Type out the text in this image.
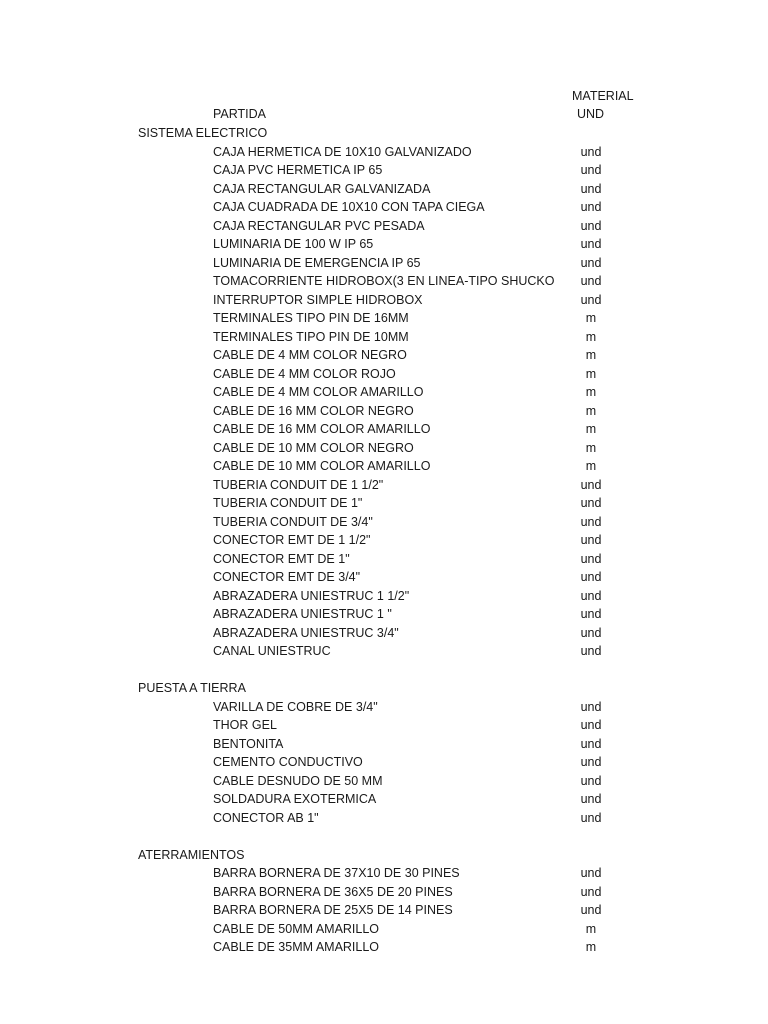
MATERIAL
UND
PARTIDA
SISTEMA ELECTRICO
CAJA HERMETICA DE 10X10 GALVANIZADO	und
CAJA PVC HERMETICA IP 65	und
CAJA RECTANGULAR GALVANIZADA	und
CAJA CUADRADA DE 10X10 CON TAPA CIEGA	und
CAJA RECTANGULAR PVC PESADA	und
LUMINARIA DE 100 W IP 65	und
LUMINARIA DE EMERGENCIA IP 65	und
TOMACORRIENTE HIDROBOX(3 EN LINEA-TIPO SHUCKO	und
INTERRUPTOR SIMPLE HIDROBOX	und
TERMINALES TIPO PIN DE 16MM	m
TERMINALES TIPO PIN DE 10MM	m
CABLE DE 4 MM COLOR NEGRO	m
CABLE DE 4 MM COLOR ROJO	m
CABLE DE 4 MM COLOR AMARILLO	m
CABLE DE 16 MM COLOR NEGRO	m
CABLE DE 16 MM COLOR AMARILLO	m
CABLE DE 10 MM COLOR NEGRO	m
CABLE DE 10 MM COLOR AMARILLO	m
TUBERIA CONDUIT DE 1 1/2"	und
TUBERIA CONDUIT DE 1"	und
TUBERIA CONDUIT DE 3/4"	und
CONECTOR EMT DE 1 1/2"	und
CONECTOR EMT DE 1"	und
CONECTOR EMT DE 3/4"	und
ABRAZADERA UNIESTRUC 1 1/2"	und
ABRAZADERA UNIESTRUC 1 "	und
ABRAZADERA UNIESTRUC 3/4"	und
CANAL UNIESTRUC	und
PUESTA A TIERRA
VARILLA DE COBRE DE 3/4"	und
THOR GEL	und
BENTONITA	und
CEMENTO CONDUCTIVO	und
CABLE DESNUDO DE 50 MM	und
SOLDADURA EXOTERMICA	und
CONECTOR AB 1"	und
ATERRAMIENTOS
BARRA BORNERA DE 37X10 DE 30 PINES	und
BARRA BORNERA DE 36X5 DE 20 PINES	und
BARRA BORNERA DE 25X5 DE 14 PINES	und
CABLE DE 50MM AMARILLO	m
CABLE DE 35MM AMARILLO	m
